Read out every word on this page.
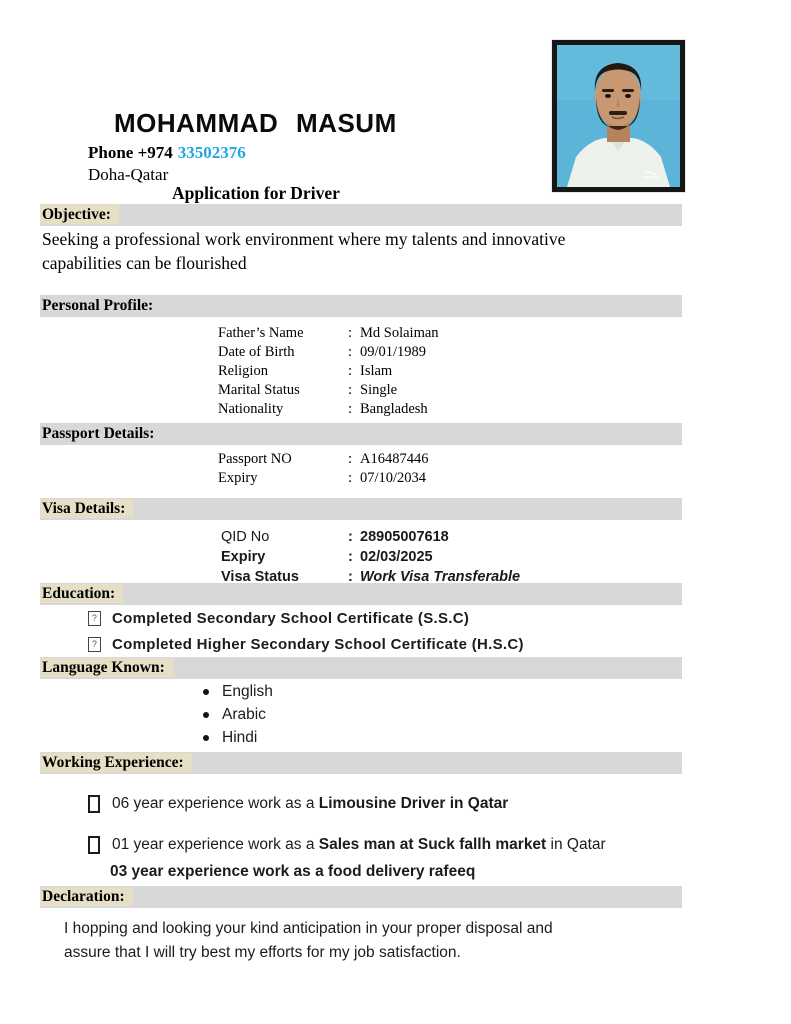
MOHAMMAD MASUM
Phone +974 33502376
Doha-Qatar
Application for Driver
Objective:
Personal Profile:
Passport Details:
Visa Details:
Education:
Language Known:
Working Experience:
Declaration:
Seeking a professional work environment where my talents and innovative
capabilities can be flourished
Father’s Name	: Md Solaiman
Date of Birth	: 09/01/1989
Religion	: Islam
Marital Status	: Single
Nationality	: Bangladesh
Passport NO	: A16487446
Expiry	: 07/10/2034
QID No	: 28905007618
Expiry	: 02/03/2025
Visa Status	: Work Visa Transferable
? Completed Secondary School Certificate (S.S.C)
? Completed Higher Secondary School Certificate (H.S.C)
English
Arabic
Hindi
06 year experience work as a Limousine Driver in Qatar
01 year experience work as a Sales man at Suck fallh market in Qatar
03 year experience work as a food delivery rafeeq
I hopping and looking your kind anticipation in your proper disposal and
assure that I will try best my efforts for my job satisfaction.
